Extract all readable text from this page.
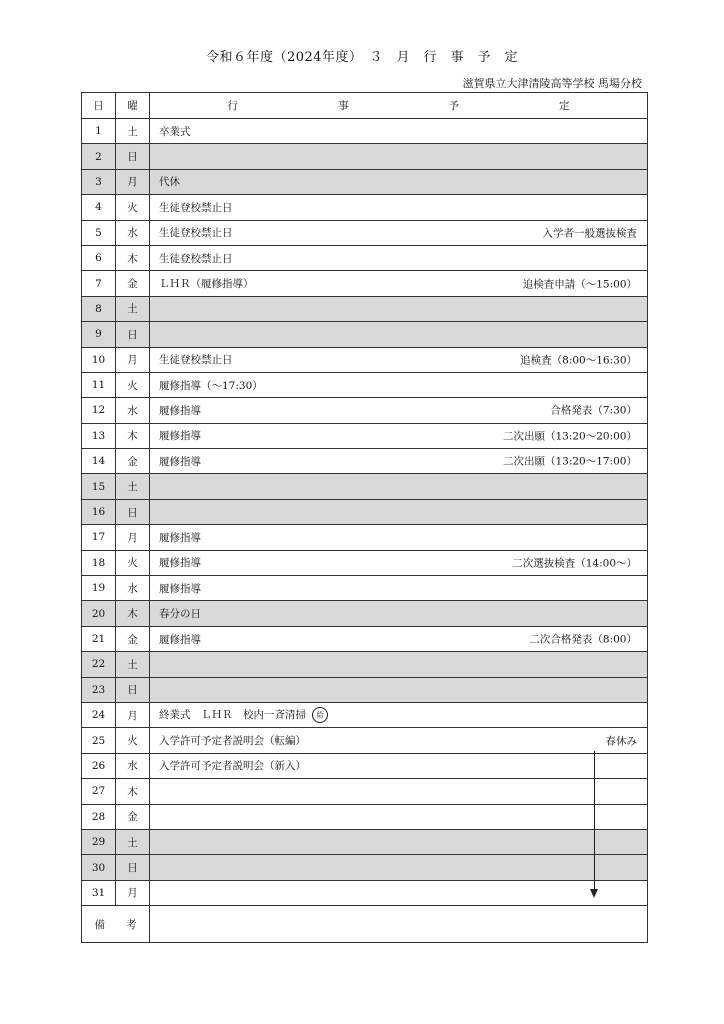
令和６年度（2024年度）　３　月　行　事　予　定
滋賀県立大津清陵高等学校 馬場分校
日	曜	行 事 予 定
1	土	卒業式

2	日	

3	月	代休

4	火	生徒登校禁止日

5	水	生徒登校禁止日 入学者一般選抜検査

6	木	生徒登校禁止日

7	金	ＬＨＲ（履修指導） 追検査申請（～15:00）

8	土	

9	日	

10	月	生徒登校禁止日 追検査（8:00～16:30）

11	火	履修指導（～17:30）

12	水	履修指導 合格発表（7:30）

13	木	履修指導 二次出願（13:20～20:00）

14	金	履修指導 二次出願（13:20～17:00）

15	土	

16	日	

17	月	履修指導

18	火	履修指導 二次選抜検査（14:00～）

19	水	履修指導

20	木	春分の日

21	金	履修指導 二次合格発表（8:00）

22	土	

23	日	

24	月	終業式　ＬＨＲ　校内一斉清掃 給

25	火	入学許可予定者説明会（転編） 春休み

26	水	入学許可予定者説明会（新入）

27	木	

28	金	

29	土	

30	日	

31	月	

備　　考		
